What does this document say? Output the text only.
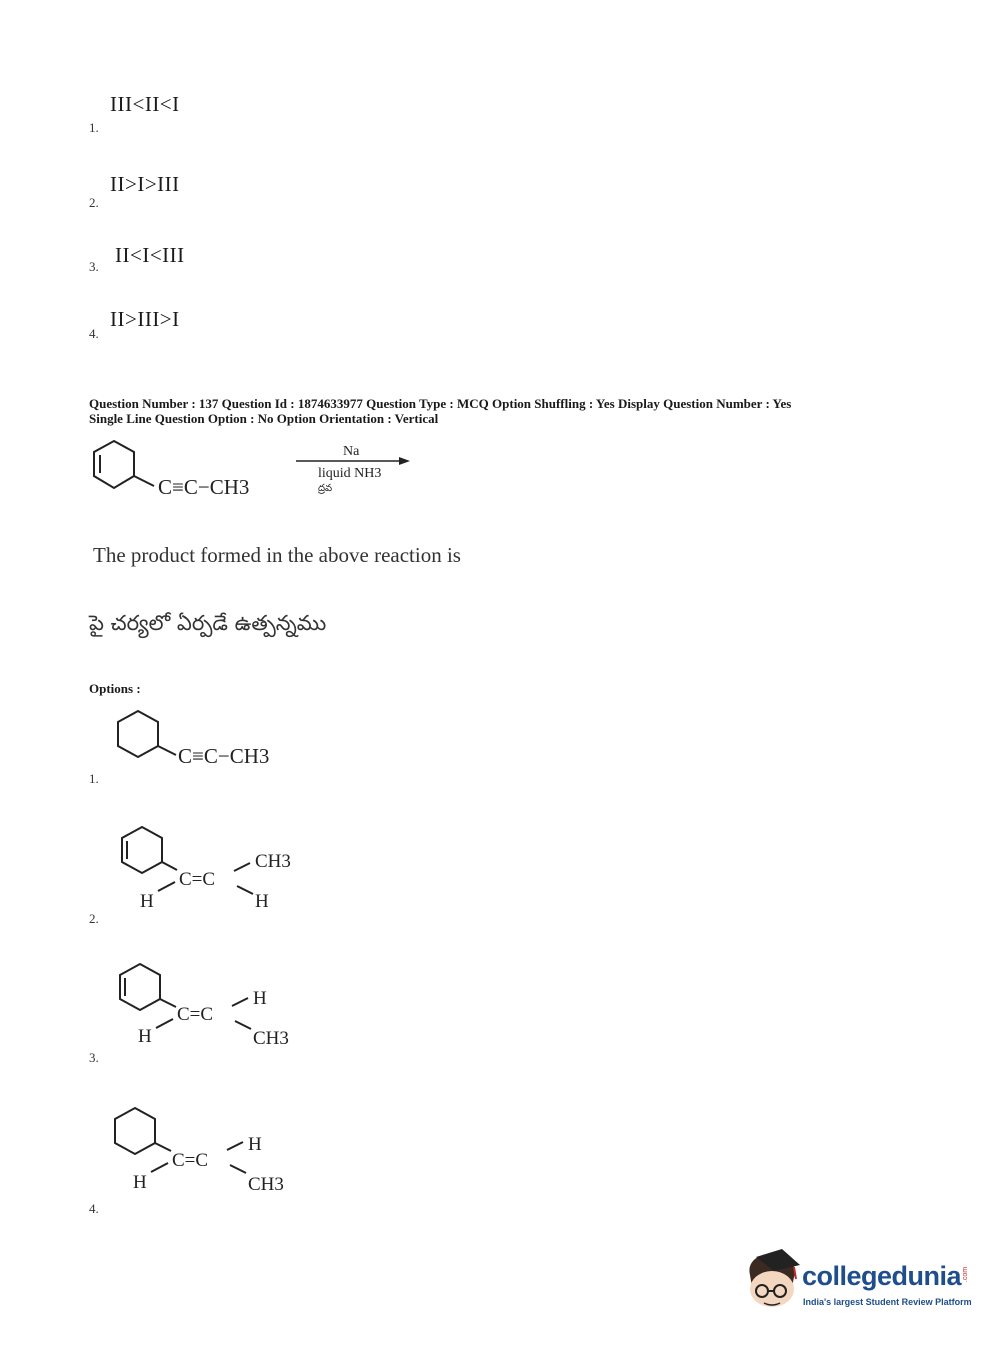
III<II<I
1.
II>I>III
2.
II<I<III
3.
II>III>I
4.
Question Number : 137 Question Id : 1874633977 Question Type : MCQ Option Shuffling : Yes Display Question Number : Yes
Single Line Question Option : No Option Orientation : Vertical
C≡C−CH3
Na
liquid NH3
ద్రవ
The product formed in the above reaction is
పై చర్యలో ఏర్పడే ఉత్పన్నము
Options :
C≡C−CH3
1.
H
C=C
CH3
H
2.
H
C=C
H
CH3
3.
H
C=C
H
CH3
4.
collegedunia .com
India's largest Student Review Platform
